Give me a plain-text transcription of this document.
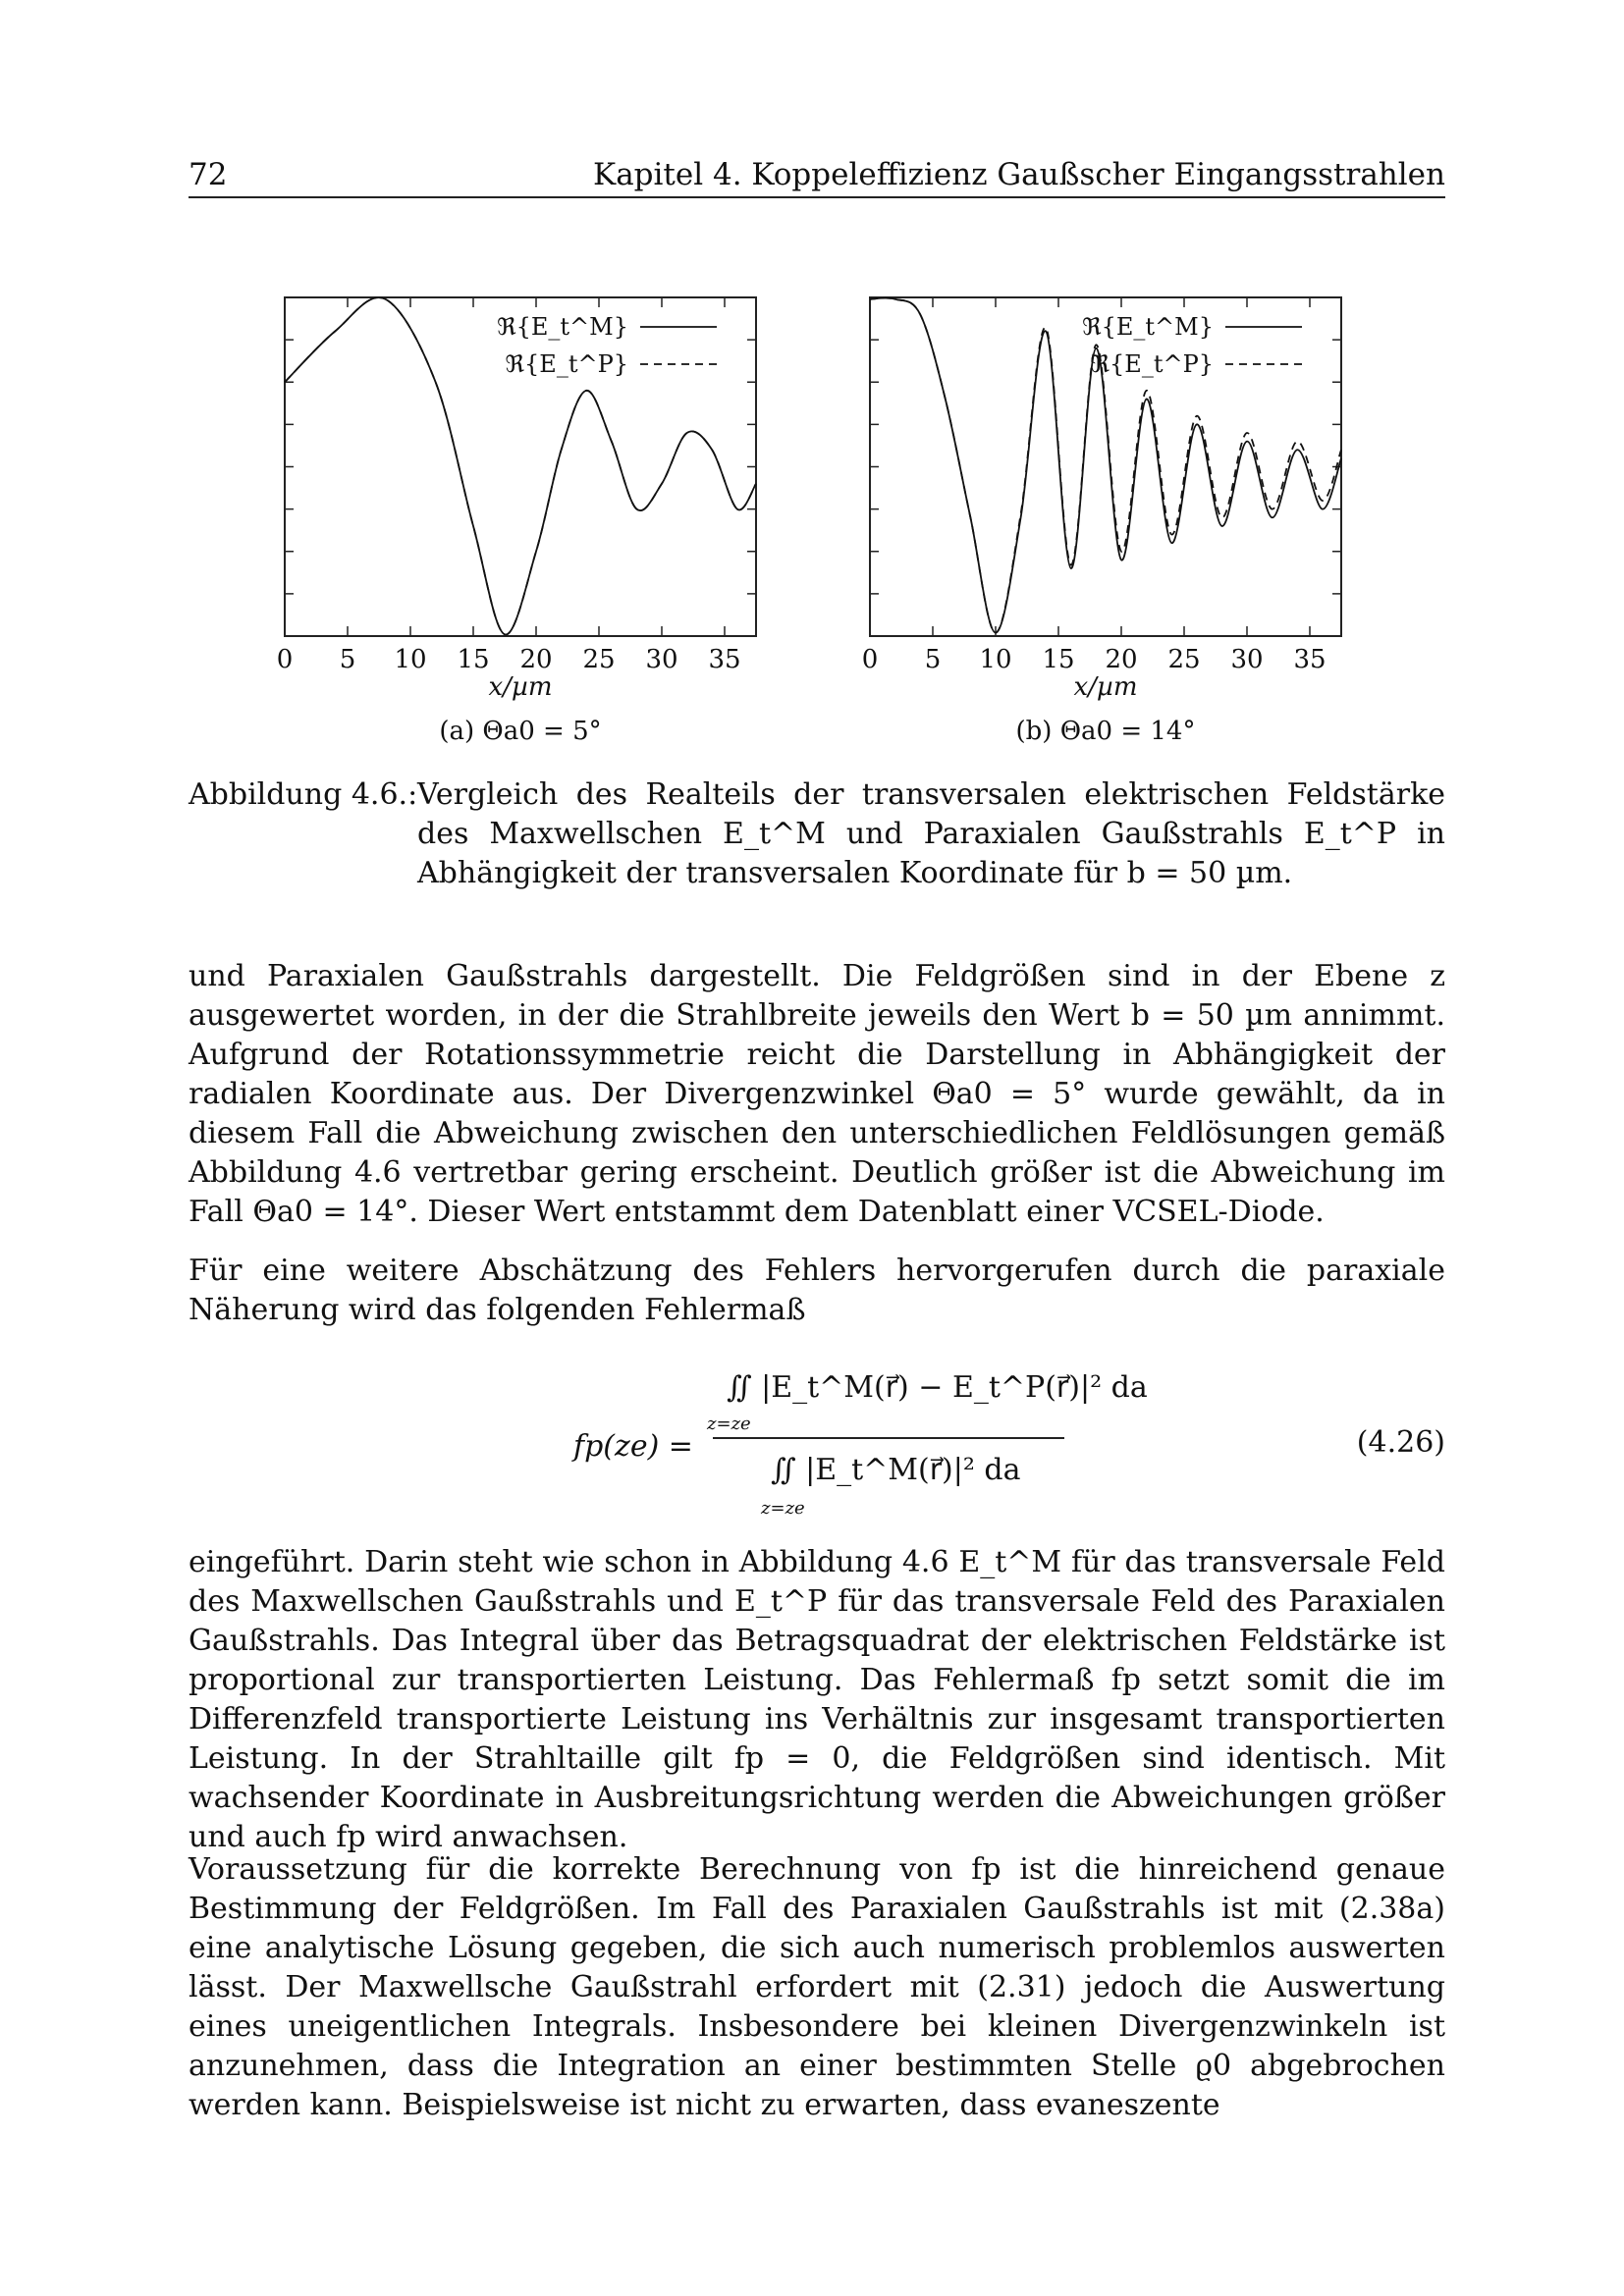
72	Kapitel 4. Koppeleffizienz Gaußscher Eingangsstrahlen
0 5 10 15 20 25 30 35
x/µm
ℜ{E_t^M}
ℜ{E_t^P}
(a) Θa0 = 5°
0 5 10 15 20 25 30 35
x/µm
ℜ{E_t^M}
ℜ{E_t^P}
(b) Θa0 = 14°
Abbildung 4.6.: Vergleich des Realteils der transversalen elektrischen Feldstärke des Maxwellschen E_t^M und Paraxialen Gaußstrahls E_t^P in Abhängigkeit der transversalen Koordinate für b = 50 µm.
und Paraxialen Gaußstrahls dargestellt. Die Feldgrößen sind in der Ebene z ausgewertet worden, in der die Strahlbreite jeweils den Wert b = 50 µm annimmt. Aufgrund der Rotationssymmetrie reicht die Darstellung in Abhängigkeit der radialen Koordinate aus. Der Divergenzwinkel Θa0 = 5° wurde gewählt, da in diesem Fall die Abweichung zwischen den unterschiedlichen Feldlösungen gemäß Abbildung 4.6 vertretbar gering erscheint. Deutlich größer ist die Abweichung im Fall Θa0 = 14°. Dieser Wert entstammt dem Datenblatt einer VCSEL-Diode.
Für eine weitere Abschätzung des Fehlers hervorgerufen durch die paraxiale Näherung wird das folgenden Fehlermaß
fp(ze) =
∬ |E_t^M(r⃗) − E_t^P(r⃗)|² da
∬ |E_t^M(r⃗)|² da
z=ze
z=ze
(4.26)
eingeführt. Darin steht wie schon in Abbildung 4.6 E_t^M für das transversale Feld des Maxwellschen Gaußstrahls und E_t^P für das transversale Feld des Paraxialen Gaußstrahls. Das Integral über das Betragsquadrat der elektrischen Feldstärke ist proportional zur transportierten Leistung. Das Fehlermaß fp setzt somit die im Differenzfeld transportierte Leistung ins Verhältnis zur insgesamt transportierten Leistung. In der Strahltaille gilt fp = 0, die Feldgrößen sind identisch. Mit wachsender Koordinate in Ausbreitungsrichtung werden die Abweichungen größer und auch fp wird anwachsen.
Voraussetzung für die korrekte Berechnung von fp ist die hinreichend genaue Bestimmung der Feldgrößen. Im Fall des Paraxialen Gaußstrahls ist mit (2.38a) eine analytische Lösung gegeben, die sich auch numerisch problemlos auswerten lässt. Der Maxwellsche Gaußstrahl erfordert mit (2.31) jedoch die Auswertung eines uneigentlichen Integrals. Insbesondere bei kleinen Divergenzwinkeln ist anzunehmen, dass die Integration an einer bestimmten Stelle ϱ0 abgebrochen werden kann. Beispielsweise ist nicht zu erwarten, dass evaneszente
